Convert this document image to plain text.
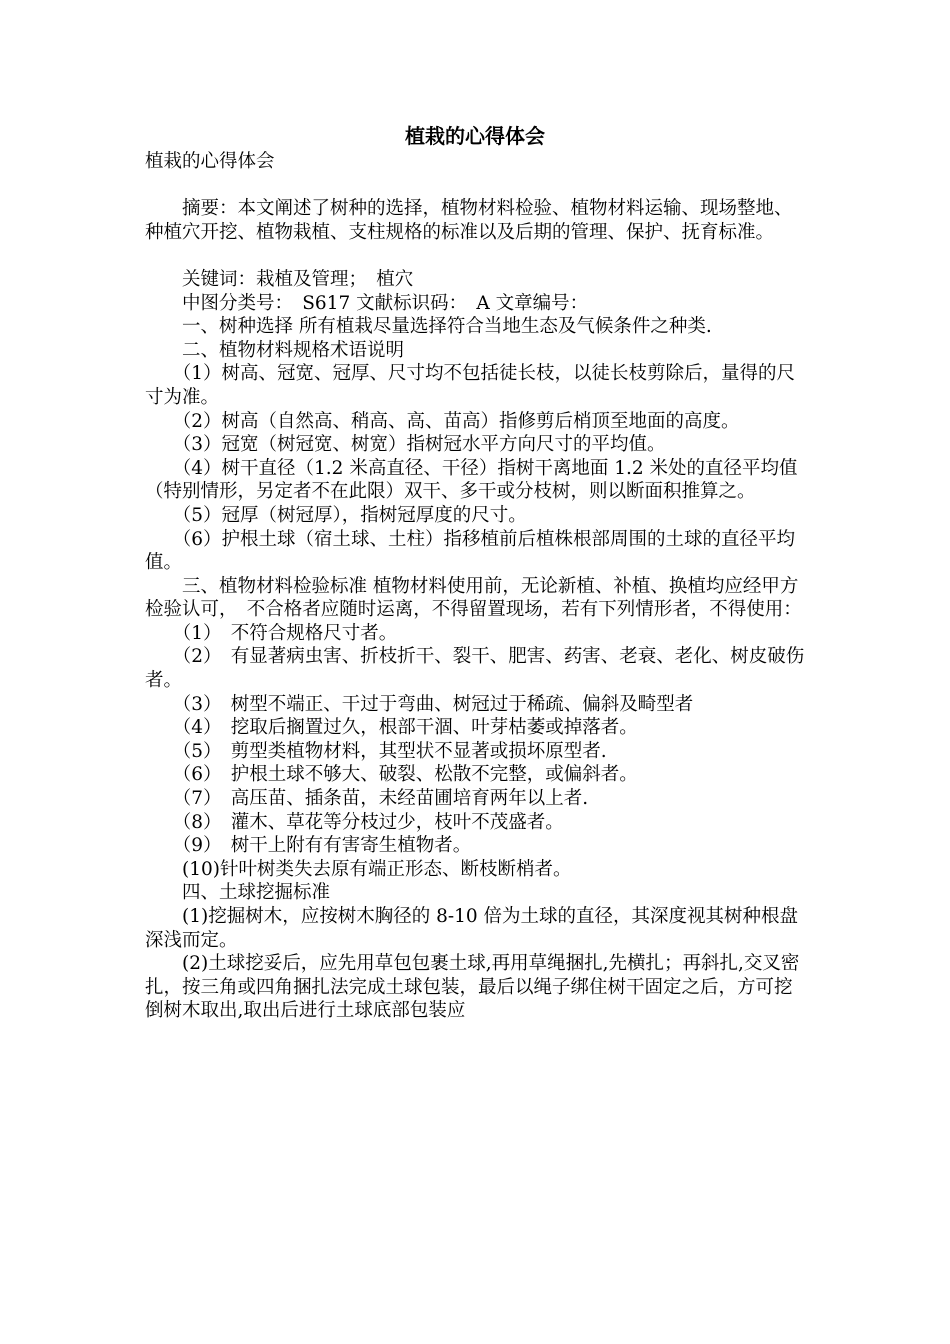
植栽的心得体会

植栽的心得体会

　　摘要：本文阐述了树种的选择，植物材料检验、植物材料运输、现场整地、种植穴开挖、植物栽植、支柱规格的标准以及后期的管理、保护、抚育标准。

　　关键词：栽植及管理；　植穴

　　中图分类号：　S617 文献标识码：　A 文章编号：

　　一、树种选择 所有植栽尽量选择符合当地生态及气候条件之种类.

　　二、植物材料规格术语说明

　　（1）树高、冠宽、冠厚、尺寸均不包括徒长枝，以徒长枝剪除后，量得的尺寸为准。

　　（2）树高（自然高、稍高、高、苗高）指修剪后梢顶至地面的高度。

　　（3）冠宽（树冠宽、树宽）指树冠水平方向尺寸的平均值。

　　（4）树干直径（1.2 米高直径、干径）指树干离地面 1.2 米处的直径平均值（特别情形，另定者不在此限）双干、多干或分枝树，则以断面积推算之。

　　（5）冠厚（树冠厚），指树冠厚度的尺寸。

　　（6）护根土球（宿土球、土柱）指移植前后植株根部周围的土球的直径平均值。

　　三、植物材料检验标准 植物材料使用前，无论新植、补植、换植均应经甲方检验认可，　不合格者应随时运离，不得留置现场，若有下列情形者，不得使用：

　　（1）　不符合规格尺寸者。

　　（2）　有显著病虫害、折枝折干、裂干、肥害、药害、老衰、老化、树皮破伤者。

　　（3）　树型不端正、干过于弯曲、树冠过于稀疏、偏斜及畸型者

　　（4）　挖取后搁置过久，根部干涸、叶芽枯萎或掉落者。

　　（5）　剪型类植物材料，其型状不显著或损坏原型者.

　　（6）　护根土球不够大、破裂、松散不完整，或偏斜者。

　　（7）　高压苗、插条苗，未经苗圃培育两年以上者.

　　（8）　灌木、草花等分枝过少，枝叶不茂盛者。

　　（9）　树干上附有有害寄生植物者。

　　(10)针叶树类失去原有端正形态、断枝断梢者。

　　四、土球挖掘标准

　　(1)挖掘树木，应按树木胸径的 8-10 倍为土球的直径，其深度视其树种根盘深浅而定。

　　(2)土球挖妥后，应先用草包包裹土球,再用草绳捆扎,先横扎；再斜扎,交叉密扎，按三角或四角捆扎法完成土球包装，最后以绳子绑住树干固定之后，方可挖倒树木取出,取出后进行土球底部包装应
